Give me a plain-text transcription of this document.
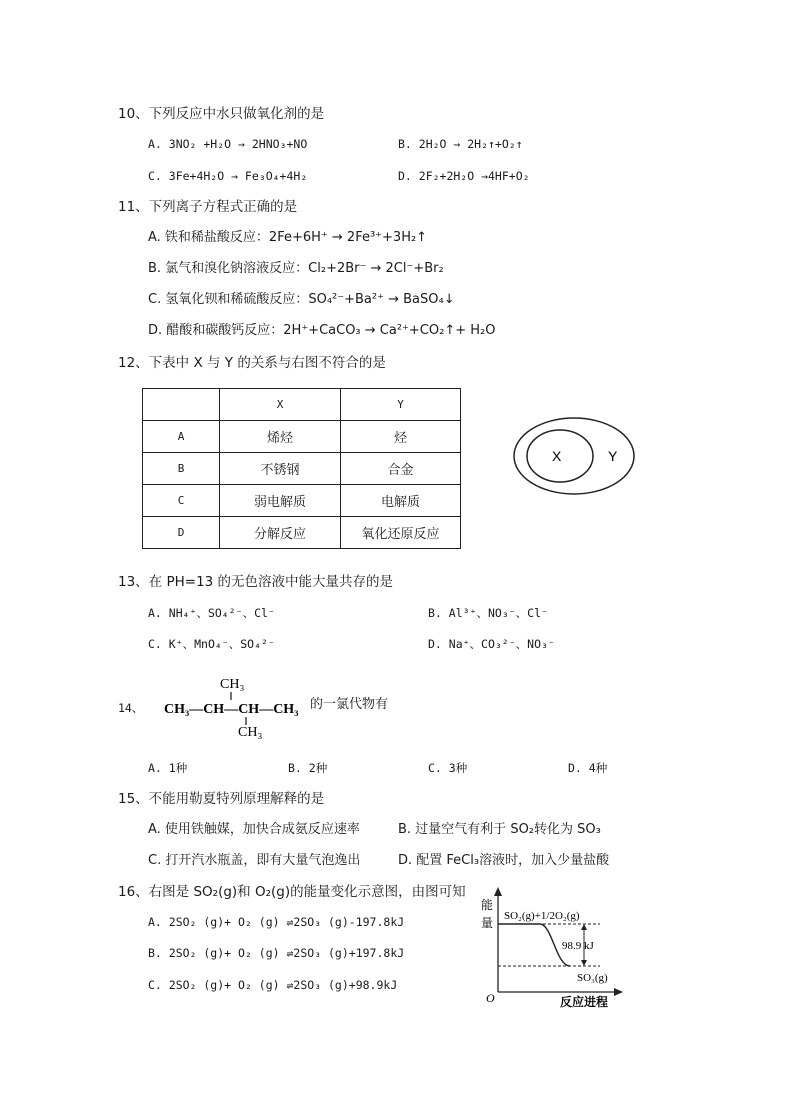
10、下列反应中水只做氧化剂的是
A. 3NO₂ +H₂O → 2HNO₃+NO	B. 2H₂O → 2H₂↑+O₂↑
C. 3Fe+4H₂O → Fe₃O₄+4H₂	D. 2F₂+2H₂O →4HF+O₂
11、下列离子方程式正确的是
A. 铁和稀盐酸反应：2Fe+6H⁺ → 2Fe³⁺+3H₂↑
B. 氯气和溴化钠溶液反应：Cl₂+2Br⁻ → 2Cl⁻+Br₂
C. 氢氧化钡和稀硫酸反应：SO₄²⁻+Ba²⁺ → BaSO₄↓
D. 醋酸和碳酸钙反应：2H⁺+CaCO₃ → Ca²⁺+CO₂↑+ H₂O
12、下表中 X 与 Y 的关系与右图不符合的是
	X	Y
A	烯烃	烃
B	不锈钢	合金
C	弱电解质	电解质
D	分解反应	氧化还原反应
X	Y
13、在 PH=13 的无色溶液中能大量共存的是
A. NH₄⁺、SO₄²⁻、Cl⁻	B. Al³⁺、NO₃⁻、Cl⁻
C. K⁺、MnO₄⁻、SO₄²⁻	D. Na⁺、CO₃²⁻、NO₃⁻
14、
CH₃
CH₃—CH—CH—CH₃
CH₃
的一氯代物有
A. 1种	B. 2种	C. 3种	D. 4种
15、不能用勒夏特列原理解释的是
A. 使用铁触媒，加快合成氨反应速率	B. 过量空气有利于 SO₂转化为 SO₃
C. 打开汽水瓶盖，即有大量气泡逸出	D. 配置 FeCl₃溶液时，加入少量盐酸
16、右图是 SO₂(g)和 O₂(g)的能量变化示意图，由图可知
A. 2SO₂ (g)+ O₂ (g) ⇌2SO₃ (g)-197.8kJ
B. 2SO₂ (g)+ O₂ (g) ⇌2SO₃ (g)+197.8kJ
C. 2SO₂ (g)+ O₂ (g) ⇌2SO₃ (g)+98.9kJ
能
量 SO₂(g)+1/2O₂(g)
98.9 kJ
SO₃(g)
O	反应进程
